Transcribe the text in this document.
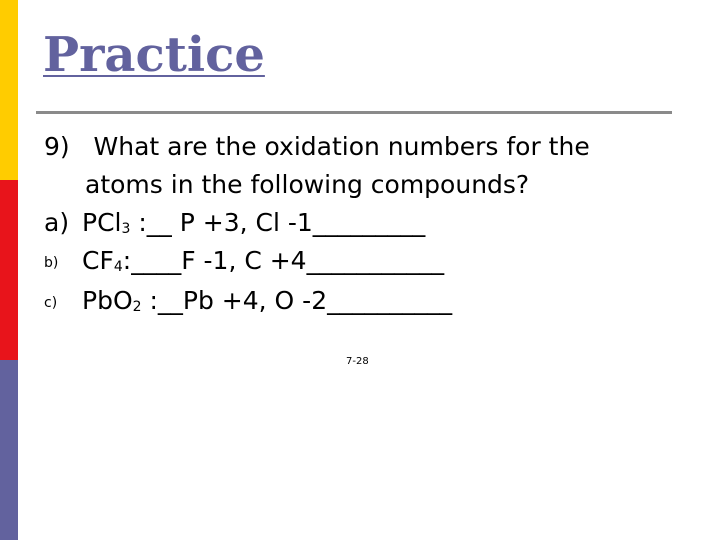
Practice
9) What are the oxidation numbers for the
atoms in the following compounds?
a) PCl$_3$ :__ P +3, Cl -1_________
b) $CF_4:\_\_\_\_F$ -1, C +4___________
c) PbO$_2$ :__Pb +4, O -2__________
7-28
